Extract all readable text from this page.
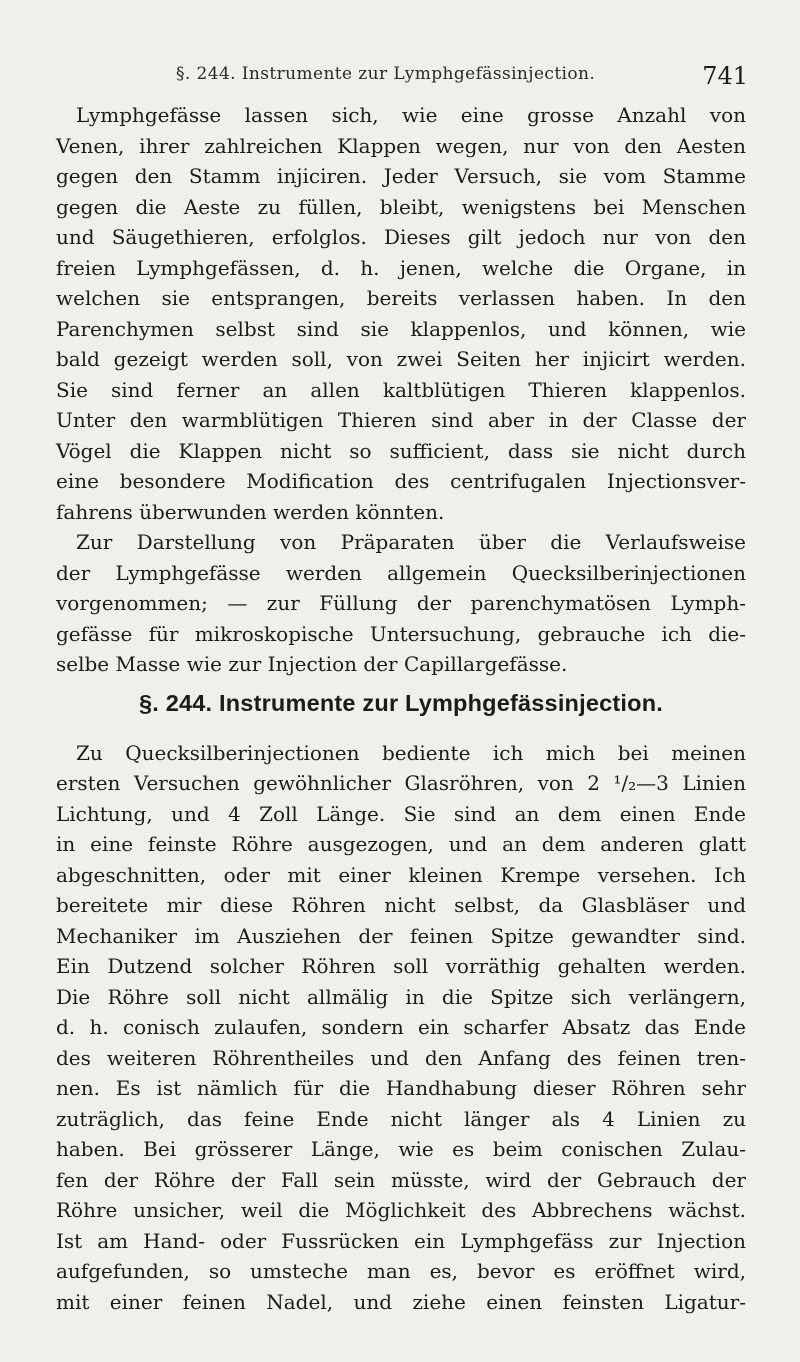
§. 244. Instrumente zur Lymphgefässinjection.	741
Lymphgefässe lassen sich, wie eine grosse Anzahl von
Venen, ihrer zahlreichen Klappen wegen, nur von den Aesten
gegen den Stamm injiciren. Jeder Versuch, sie vom Stamme
gegen die Aeste zu füllen, bleibt, wenigstens bei Menschen
und Säugethieren, erfolglos. Dieses gilt jedoch nur von den
freien Lymphgefässen, d. h. jenen, welche die Organe, in
welchen sie entsprangen, bereits verlassen haben. In den
Parenchymen selbst sind sie klappenlos, und können, wie
bald gezeigt werden soll, von zwei Seiten her injicirt werden.
Sie sind ferner an allen kaltblütigen Thieren klappenlos.
Unter den warmblütigen Thieren sind aber in der Classe der
Vögel die Klappen nicht so sufficient, dass sie nicht durch
eine besondere Modification des centrifugalen Injectionsver-
fahrens überwunden werden könnten.
Zur Darstellung von Präparaten über die Verlaufsweise
der Lymphgefässe werden allgemein Quecksilberinjectionen
vorgenommen; — zur Füllung der parenchymatösen Lymph-
gefässe für mikroskopische Untersuchung, gebrauche ich die-
selbe Masse wie zur Injection der Capillargefässe.
§. 244. Instrumente zur Lymphgefässinjection.
Zu Quecksilberinjectionen bediente ich mich bei meinen
ersten Versuchen gewöhnlicher Glasröhren, von 2 ¹/₂—3 Linien
Lichtung, und 4 Zoll Länge. Sie sind an dem einen Ende
in eine feinste Röhre ausgezogen, und an dem anderen glatt
abgeschnitten, oder mit einer kleinen Krempe versehen. Ich
bereitete mir diese Röhren nicht selbst, da Glasbläser und
Mechaniker im Ausziehen der feinen Spitze gewandter sind.
Ein Dutzend solcher Röhren soll vorräthig gehalten werden.
Die Röhre soll nicht allmälig in die Spitze sich verlängern,
d. h. conisch zulaufen, sondern ein scharfer Absatz das Ende
des weiteren Röhrentheiles und den Anfang des feinen tren-
nen. Es ist nämlich für die Handhabung dieser Röhren sehr
zuträglich, das feine Ende nicht länger als 4 Linien zu
haben. Bei grösserer Länge, wie es beim conischen Zulau-
fen der Röhre der Fall sein müsste, wird der Gebrauch der
Röhre unsicher, weil die Möglichkeit des Abbrechens wächst.
Ist am Hand- oder Fussrücken ein Lymphgefäss zur Injection
aufgefunden, so umsteche man es, bevor es eröffnet wird,
mit einer feinen Nadel, und ziehe einen feinsten Ligatur-
